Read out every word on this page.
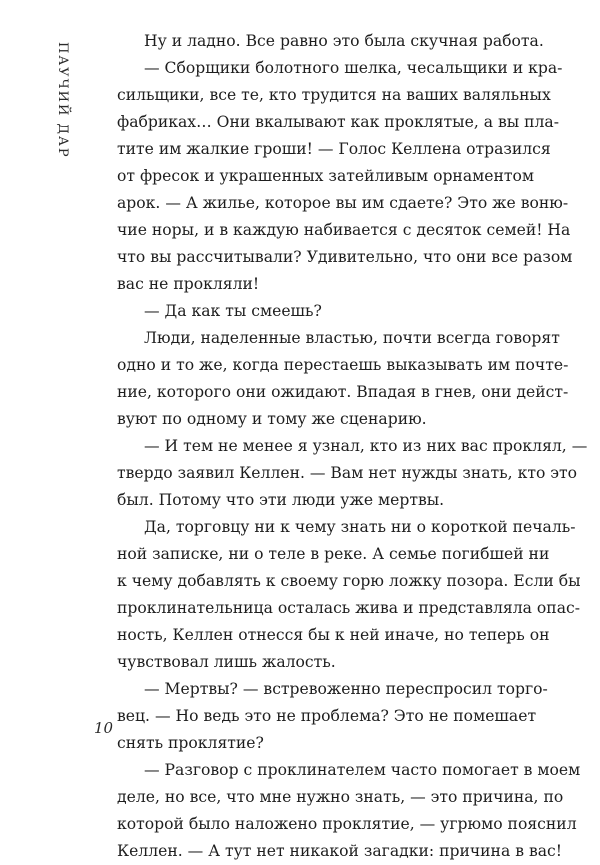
ПАУЧИЙ ДАР
Ну и ладно. Все равно это была скучная работа.
— Сборщики болотного шелка, чесальщики и кра-
сильщики, все те, кто трудится на ваших валяльных
фабриках… Они вкалывают как проклятые, а вы пла-
тите им жалкие гроши! — Голос Келлена отразился
от фресок и украшенных затейливым орнаментом
арок. — А жилье, которое вы им сдаете? Это же воню-
чие норы, и в каждую набивается с десяток семей! На
что вы рассчитывали? Удивительно, что они все разом
вас не прокляли!
— Да как ты смеешь?
Люди, наделенные властью, почти всегда говорят
одно и то же, когда перестаешь выказывать им почте-
ние, которого они ожидают. Впадая в гнев, они дейст-
вуют по одному и тому же сценарию.
— И тем не менее я узнал, кто из них вас проклял, —
твердо заявил Келлен. — Вам нет нужды знать, кто это
был. Потому что эти люди уже мертвы.
Да, торговцу ни к чему знать ни о короткой печаль-
ной записке, ни о теле в реке. А семье погибшей ни
к чему добавлять к своему горю ложку позора. Если бы
проклинательница осталась жива и представляла опас-
ность, Келлен отнесся бы к ней иначе, но теперь он
чувствовал лишь жалость.
— Мертвы? — встревоженно переспросил торго-
вец. — Но ведь это не проблема? Это не помешает
снять проклятие?
— Разговор с проклинателем часто помогает в моем
деле, но все, что мне нужно знать, — это причина, по
которой было наложено проклятие, — угрюмо пояснил
Келлен. — А тут нет никакой загадки: причина в вас!
10
